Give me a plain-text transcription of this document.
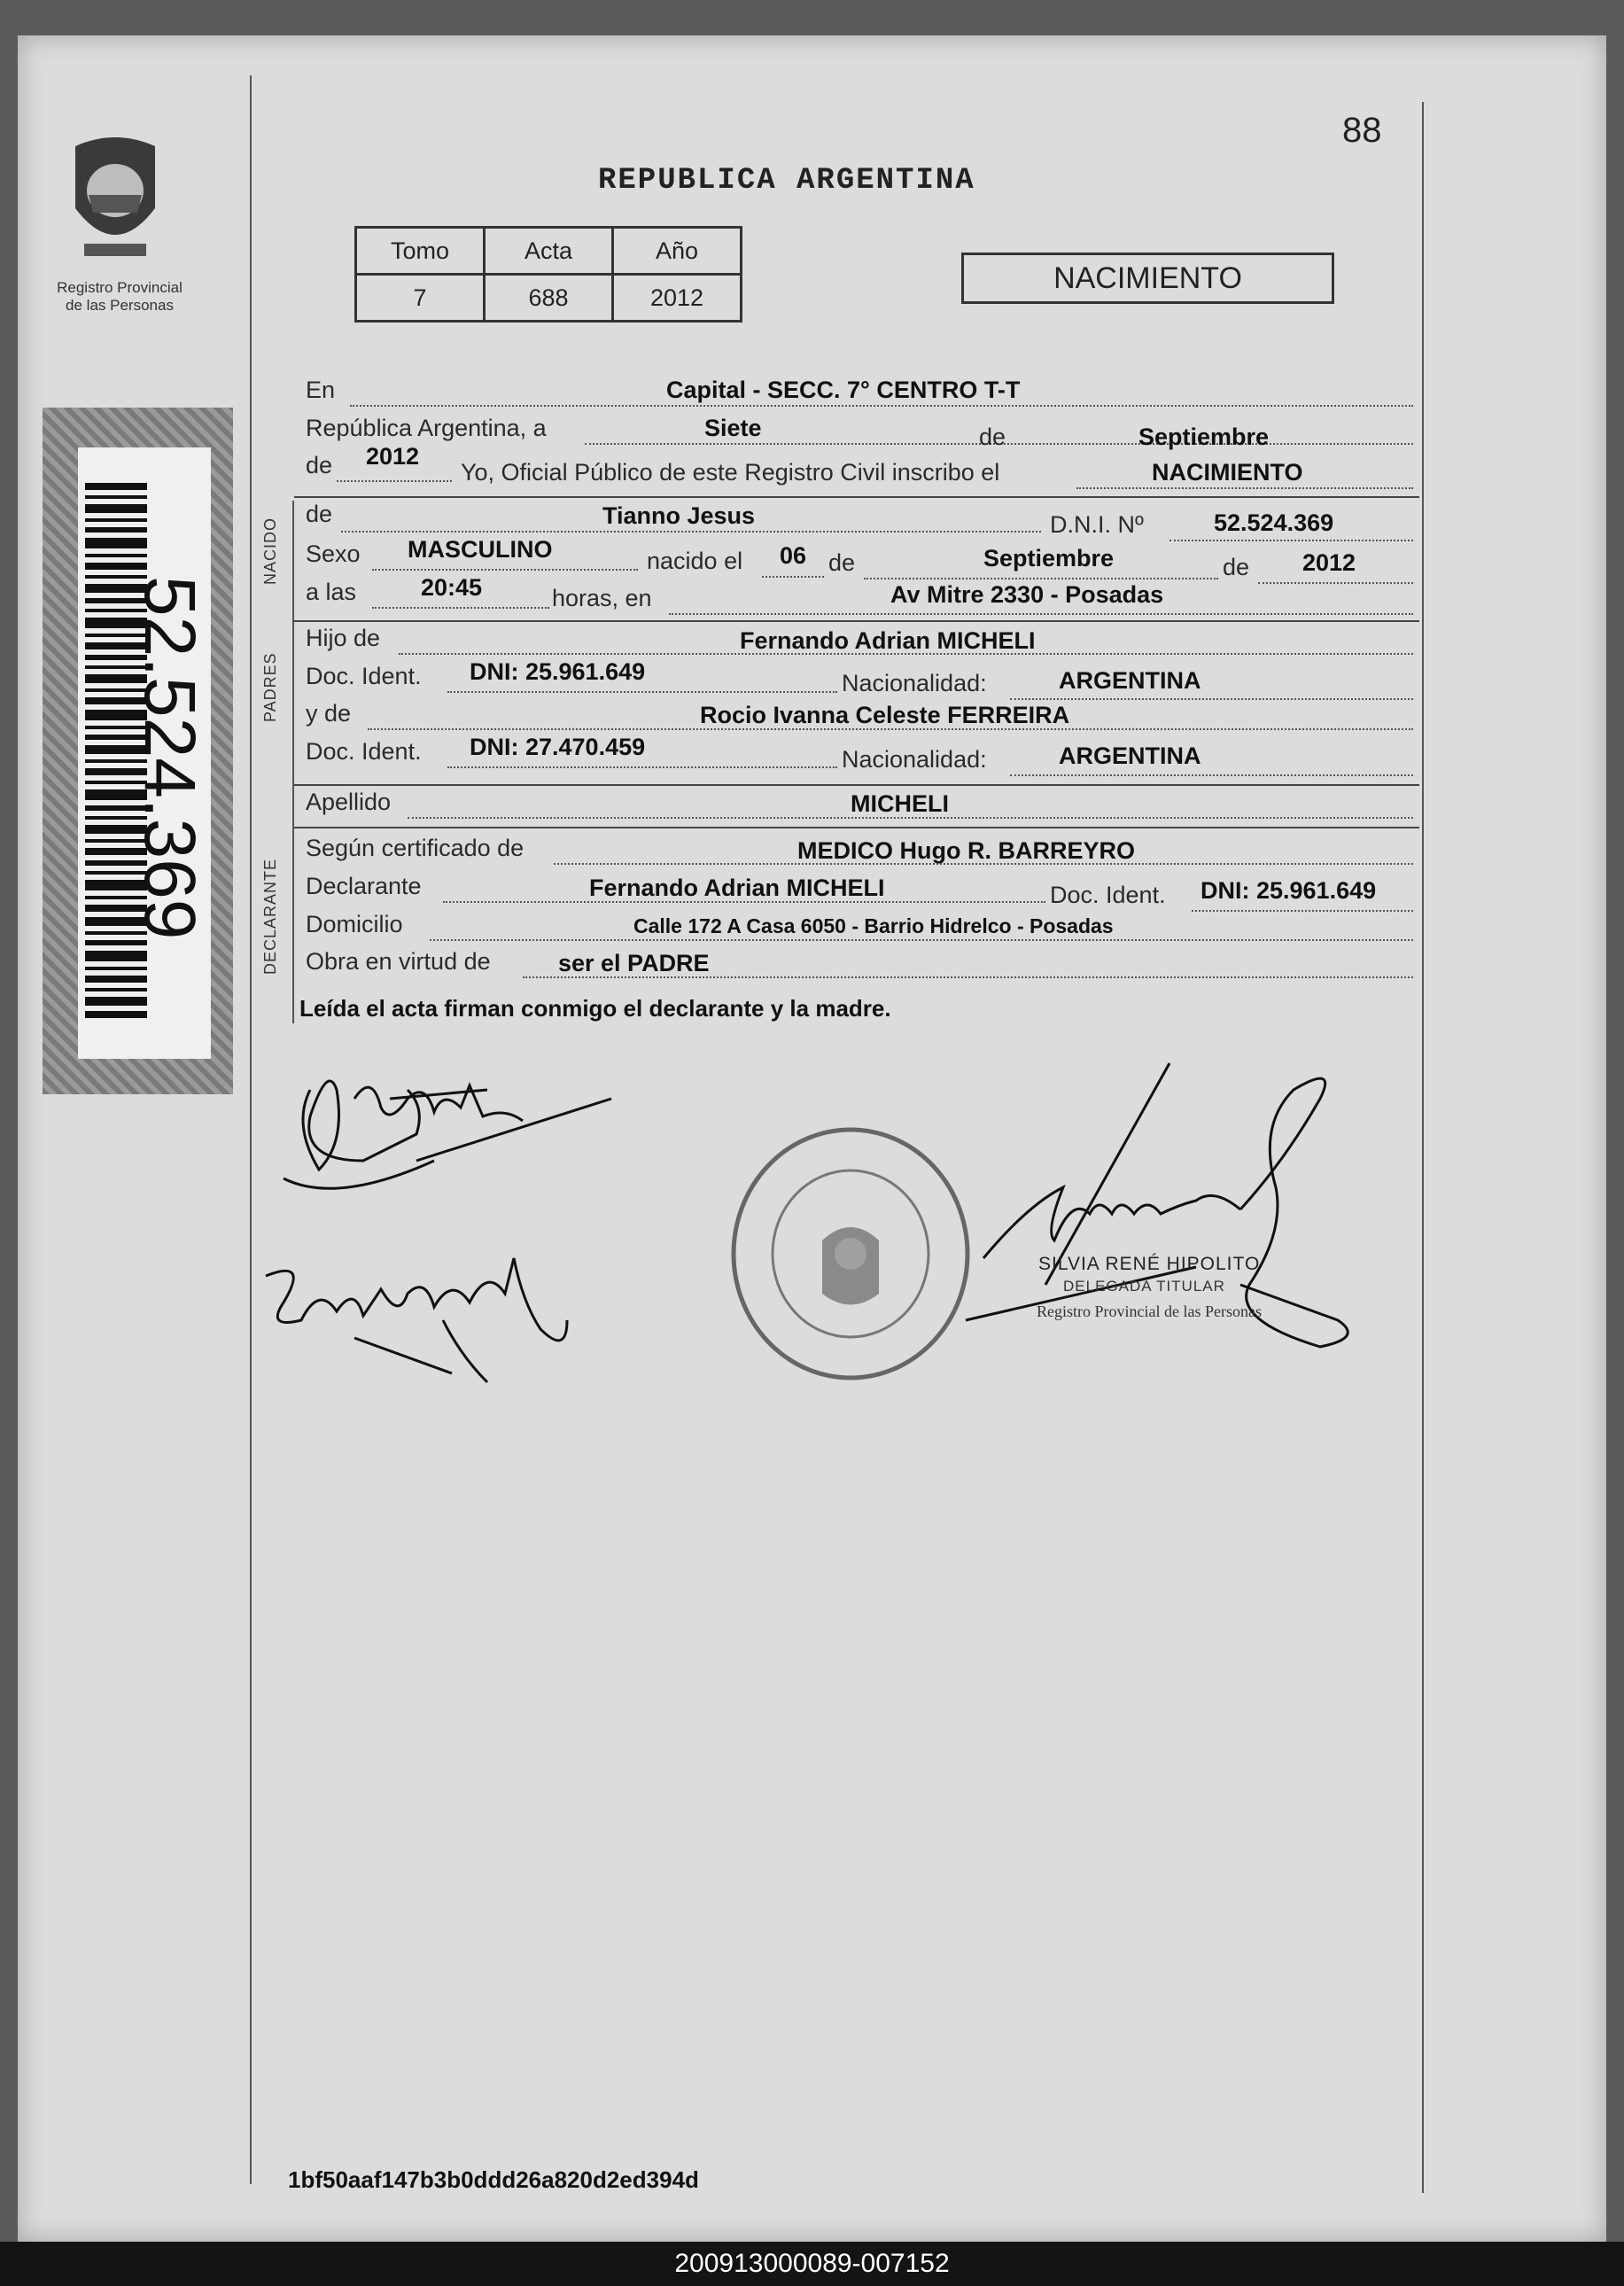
Registro Provincial
de las Personas
52.524.369
88
REPUBLICA ARGENTINA
Tomo	Acta	Año
7	688	2012
NACIMIENTO
NACIDO
PADRES
DECLARANTE
En	Capital - SECC. 7° CENTRO T-T
República Argentina, a	Siete	de	Septiembre
de 2012
Yo, Oficial Público de este Registro Civil inscribo el	NACIMIENTO
de	Tianno Jesus	D.N.I. Nº	52.524.369
Sexo MASCULINO	nacido el 06 de	Septiembre	de 2012
a las	20:45	horas, en	Av Mitre 2330 - Posadas
Hijo de	Fernando Adrian MICHELI
Doc. Ident. DNI: 25.961.649	Nacionalidad:	ARGENTINA
y de	Rocio Ivanna Celeste FERREIRA
Doc. Ident. DNI: 27.470.459	Nacionalidad:	ARGENTINA
Apellido	MICHELI
Según certificado de	MEDICO Hugo R. BARREYRO
Declarante	Fernando Adrian MICHELI	Doc. Ident. DNI: 25.961.649
Domicilio	Calle 172 A Casa 6050 - Barrio Hidrelco - Posadas
Obra en virtud de	ser el PADRE
Leída el acta firman conmigo el declarante y la madre.
SILVIA RENÉ HIPOLITO
DELEGADA TITULAR
Registro Provincial de las Personas
1bf50aaf147b3b0ddd26a820d2ed394d
200913000089-007152
